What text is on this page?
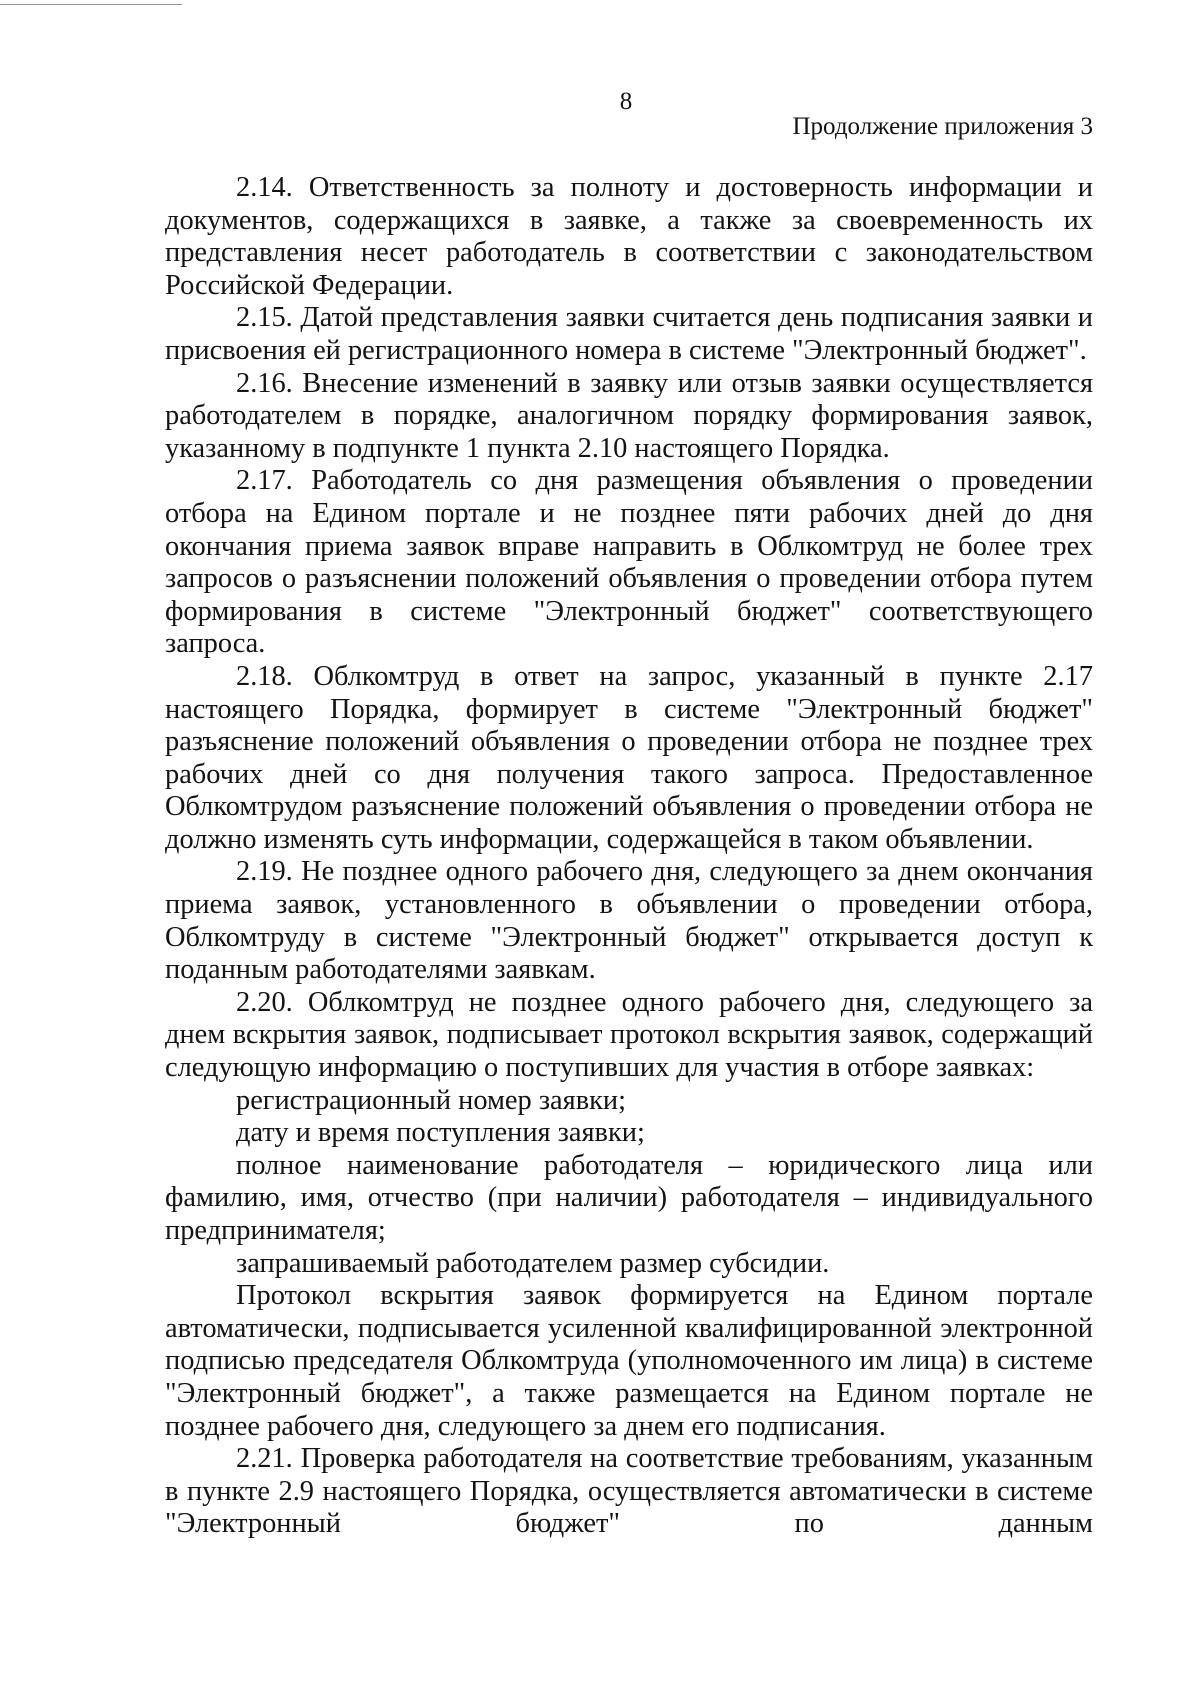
8
Продолжение приложения 3

2.14. Ответственность за полноту и достоверность информации и документов, содержащихся в заявке, а также за своевременность их представления несет работодатель в соответствии с законодательством Российской Федерации.

2.15. Датой представления заявки считается день подписания заявки и присвоения ей регистрационного номера в системе "Электронный бюджет".

2.16. Внесение изменений в заявку или отзыв заявки осуществляется работодателем в порядке, аналогичном порядку формирования заявок, указанному в подпункте 1 пункта 2.10 настоящего Порядка.

2.17. Работодатель со дня размещения объявления о проведении отбора на Едином портале и не позднее пяти рабочих дней до дня окончания приема заявок вправе направить в Облкомтруд не более трех запросов о разъяснении положений объявления о проведении отбора путем формирования в системе "Электронный бюджет" соответствующего запроса.

2.18. Облкомтруд в ответ на запрос, указанный в пункте 2.17 настоящего Порядка, формирует в системе "Электронный бюджет" разъяснение положений объявления о проведении отбора не позднее трех рабочих дней со дня получения такого запроса. Предоставленное Облкомтрудом разъяснение положений объявления о проведении отбора не должно изменять суть информации, содержащейся в таком объявлении.

2.19. Не позднее одного рабочего дня, следующего за днем окончания приема заявок, установленного в объявлении о проведении отбора, Облкомтруду в системе "Электронный бюджет" открывается доступ к поданным работодателями заявкам.

2.20. Облкомтруд не позднее одного рабочего дня, следующего за днем вскрытия заявок, подписывает протокол вскрытия заявок, содержащий следующую информацию о поступивших для участия в отборе заявках:

регистрационный номер заявки;

дату и время поступления заявки;

полное наименование работодателя – юридического лица или фамилию, имя, отчество (при наличии) работодателя – индивидуального предпринимателя;

запрашиваемый работодателем размер субсидии.

Протокол вскрытия заявок формируется на Едином портале автоматически, подписывается усиленной квалифицированной электронной подписью председателя Облкомтруда (уполномоченного им лица) в системе "Электронный бюджет", а также размещается на Едином портале не позднее рабочего дня, следующего за днем его подписания.

2.21. Проверка работодателя на соответствие требованиям, указанным в пункте 2.9 настоящего Порядка, осуществляется автоматически в системе "Электронный бюджет" по данным
